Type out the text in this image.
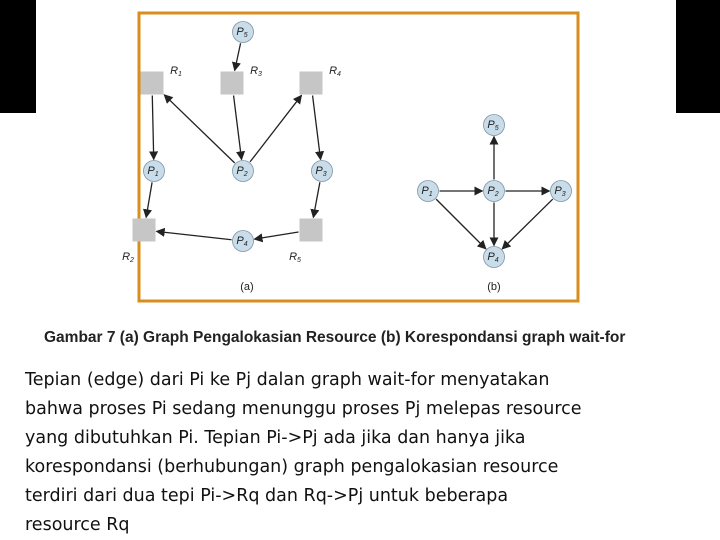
$P_5$
$P_1$	$P_2$	$P_3$
$P_4$
$R_1$	$R_3$	$R_4$
$R_2$	$R_5$
$P_5$
$P_1$	$P_2$	$P_3$
$P_4$
(a)	(b)
Gambar 7 (a) Graph Pengalokasian Resource (b) Korespondansi graph wait-for

Tepian (edge) dari Pi ke Pj dalan graph wait-for menyatakan
bahwa proses Pi sedang menunggu proses Pj melepas resource
yang dibutuhkan Pi. Tepian Pi->Pj ada jika dan hanya jika
korespondansi (berhubungan) graph pengalokasian resource
terdiri dari dua tepi Pi->Rq dan Rq->Pj untuk beberapa
resource Rq
